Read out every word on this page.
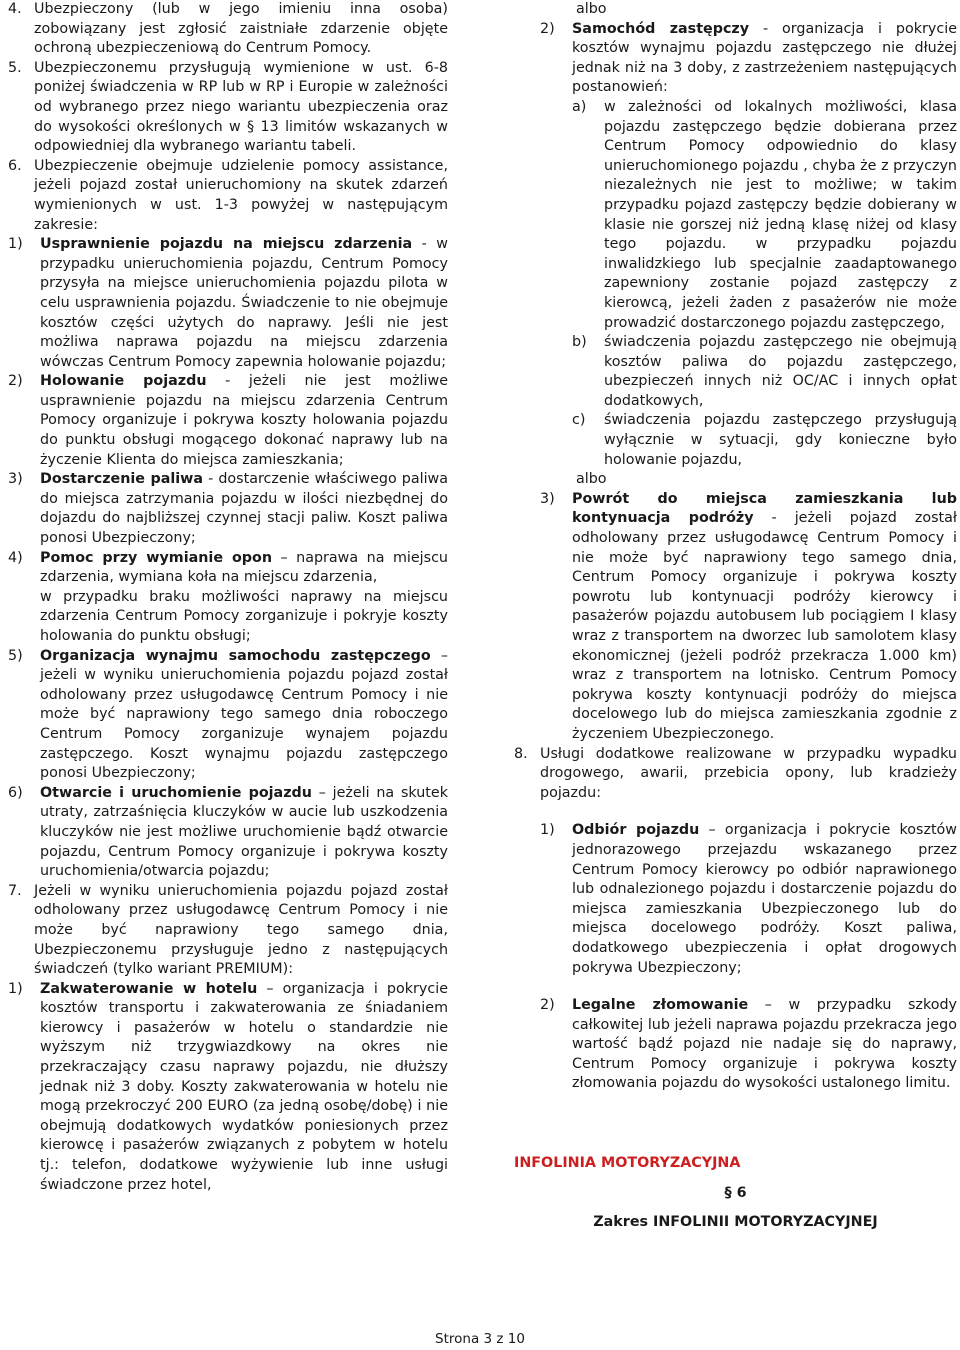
4. Ubezpieczony (lub w jego imieniu inna osoba) zobowiązany jest zgłosić zaistniałe zdarzenie objęte ochroną ubezpieczeniową do Centrum Pomocy.
5. Ubezpieczonemu przysługują wymienione w ust. 6-8 poniżej świadczenia w RP lub w RP i Europie w zależności od wybranego przez niego wariantu ubezpieczenia oraz do wysokości określonych w § 13 limitów wskazanych w odpowiedniej dla wybranego wariantu tabeli.
6. Ubezpieczenie obejmuje udzielenie pomocy assistance, jeżeli pojazd został unieruchomiony na skutek zdarzeń wymienionych w ust. 1-3 powyżej w następującym zakresie:
1)	Usprawnienie pojazdu na miejscu zdarzenia - w przypadku unieruchomienia pojazdu, Centrum Pomocy przysyła na miejsce unieruchomienia pojazdu pilota w celu usprawnienia pojazdu. Świadczenie to nie obejmuje kosztów części użytych do naprawy. Jeśli nie jest możliwa naprawa pojazdu na miejscu zdarzenia wówczas Centrum Pomocy zapewnia holowanie pojazdu;
2)	Holowanie pojazdu - jeżeli nie jest możliwe usprawnienie pojazdu na miejscu zdarzenia Centrum Pomocy organizuje i pokrywa koszty holowania pojazdu do punktu obsługi mogącego dokonać naprawy lub na życzenie Klienta do miejsca zamieszkania;
3)	Dostarczenie paliwa - dostarczenie właściwego paliwa do miejsca zatrzymania pojazdu w ilości niezbędnej do dojazdu do najbliższej czynnej stacji paliw. Koszt paliwa ponosi Ubezpieczony;
4)	Pomoc przy wymianie opon – naprawa na miejscu zdarzenia, wymiana koła na miejscu zdarzenia,
w przypadku braku możliwości naprawy na miejscu zdarzenia Centrum Pomocy zorganizuje i pokryje koszty holowania do punktu obsługi;
5)	Organizacja wynajmu samochodu zastępczego – jeżeli w wyniku unieruchomienia pojazdu pojazd został odholowany przez usługodawcę Centrum Pomocy i nie może być naprawiony tego samego dnia roboczego Centrum Pomocy zorganizuje wynajem pojazdu zastępczego. Koszt wynajmu pojazdu zastępczego ponosi Ubezpieczony;
6)	Otwarcie i uruchomienie pojazdu – jeżeli na skutek utraty, zatrzaśnięcia kluczyków w aucie lub uszkodzenia kluczyków nie jest możliwe uruchomienie bądź otwarcie pojazdu, Centrum Pomocy organizuje i pokrywa koszty uruchomienia/otwarcia pojazdu;
7. Jeżeli w wyniku unieruchomienia pojazdu pojazd został odholowany przez usługodawcę Centrum Pomocy i nie może być naprawiony tego samego dnia, Ubezpieczonemu przysługuje jedno z następujących świadczeń (tylko wariant PREMIUM):
1)	Zakwaterowanie w hotelu – organizacja i pokrycie kosztów transportu i zakwaterowania ze śniadaniem kierowcy i pasażerów w hotelu o standardzie nie wyższym niż trzygwiazdkowy na okres nie przekraczający czasu naprawy pojazdu, nie dłuższy jednak niż 3 doby. Koszty zakwaterowania w hotelu nie mogą przekroczyć 200 EURO (za jedną osobę/dobę) i nie obejmują dodatkowych wydatków poniesionych przez kierowcę i pasażerów związanych z pobytem w hotelu tj.: telefon, dodatkowe wyżywienie lub inne usługi świadczone przez hotel,

albo

2)	Samochód zastępczy - organizacja i pokrycie kosztów wynajmu pojazdu zastępczego nie dłużej jednak niż na 3 doby, z zastrzeżeniem następujących postanowień:
a)	w zależności od lokalnych możliwości, klasa pojazdu zastępczego będzie dobierana przez Centrum Pomocy odpowiednio do klasy unieruchomionego pojazdu , chyba że z przyczyn niezależnych nie jest to możliwe; w takim przypadku pojazd zastępczy będzie dobierany w klasie nie gorszej niż jedną klasę niżej od klasy tego pojazdu. w przypadku pojazdu inwalidzkiego lub specjalnie zaadaptowanego zapewniony zostanie pojazd zastępczy z kierowcą, jeżeli żaden z pasażerów nie może prowadzić dostarczonego pojazdu zastępczego,
b)	świadczenia pojazdu zastępczego nie obejmują kosztów paliwa do pojazdu zastępczego, ubezpieczeń innych niż OC/AC i innych opłat dodatkowych,
c)	świadczenia pojazdu zastępczego przysługują wyłącznie w sytuacji, gdy konieczne było holowanie pojazdu,

albo

3)	Powrót do miejsca zamieszkania lub kontynuacja podróży - jeżeli pojazd został odholowany przez usługodawcę Centrum Pomocy i nie może być naprawiony tego samego dnia, Centrum Pomocy organizuje i pokrywa koszty powrotu lub kontynuacji podróży kierowcy i pasażerów pojazdu autobusem lub pociągiem I klasy wraz z transportem na dworzec lub samolotem klasy ekonomicznej (jeżeli podróż przekracza 1.000 km) wraz z transportem na lotnisko. Centrum Pomocy pokrywa koszty kontynuacji podróży do miejsca docelowego lub do miejsca zamieszkania zgodnie z życzeniem Ubezpieczonego.
8. Usługi dodatkowe realizowane w przypadku wypadku drogowego, awarii, przebicia opony, lub kradzieży pojazdu:
1)	Odbiór pojazdu – organizacja i pokrycie kosztów jednorazowego przejazdu wskazanego przez Centrum Pomocy kierowcy po odbiór naprawionego lub odnalezionego pojazdu i dostarczenie pojazdu do miejsca zamieszkania Ubezpieczonego lub do miejsca docelowego podróży. Koszt paliwa, dodatkowego ubezpieczenia i opłat drogowych pokrywa Ubezpieczony;
2)	Legalne złomowanie – w przypadku szkody całkowitej lub jeżeli naprawa pojazdu przekracza jego wartość bądź pojazd nie nadaje się do naprawy, Centrum Pomocy organizuje i pokrywa koszty złomowania pojazdu do wysokości ustalonego limitu.
INFOLINIA MOTORYZACYJNA
§ 6
Zakres INFOLINII MOTORYZACYJNEJ
Strona 3 z 10
